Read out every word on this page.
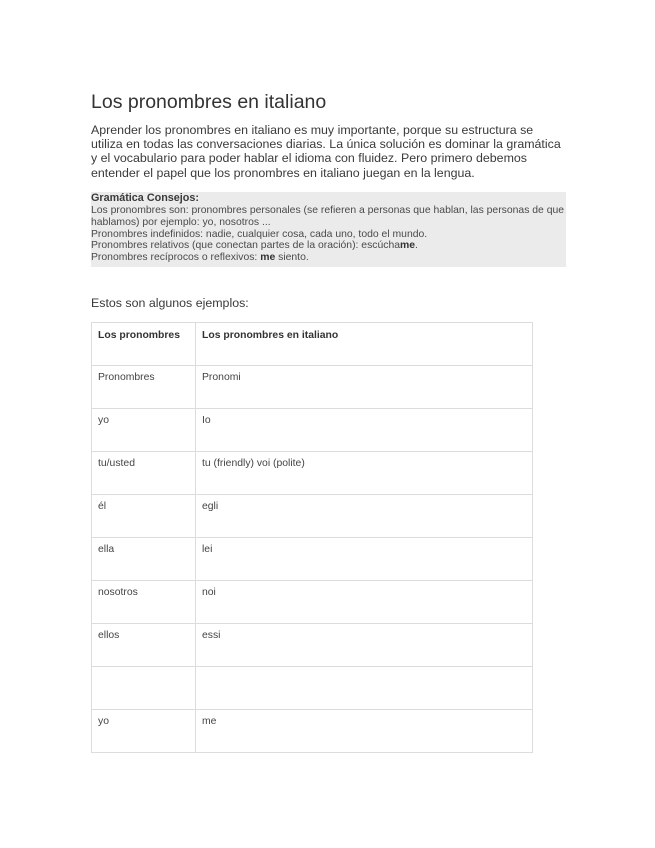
Los pronombres en italiano

Aprender los pronombres en italiano es muy importante, porque su estructura se utiliza en todas las conversaciones diarias. La única solución es dominar la gramática y el vocabulario para poder hablar el idioma con fluidez. Pero primero debemos entender el papel que los pronombres en italiano juegan en la lengua.

Gramática Consejos:
Los pronombres son: pronombres personales (se refieren a personas que hablan, las personas de que hablamos) por ejemplo: yo, nosotros ...
Pronombres indefinidos: nadie, cualquier cosa, cada uno, todo el mundo.
Pronombres relativos (que conectan partes de la oración): escúchame.
Pronombres recíprocos o reflexivos: me siento.

Estos son algunos ejemplos:

Los pronombres	Los pronombres en italiano
Pronombres	Pronomi
yo	Io
tu/usted	tu (friendly) voi (polite)
él	egli
ella	lei
nosotros	noi
ellos	essi

yo	me
